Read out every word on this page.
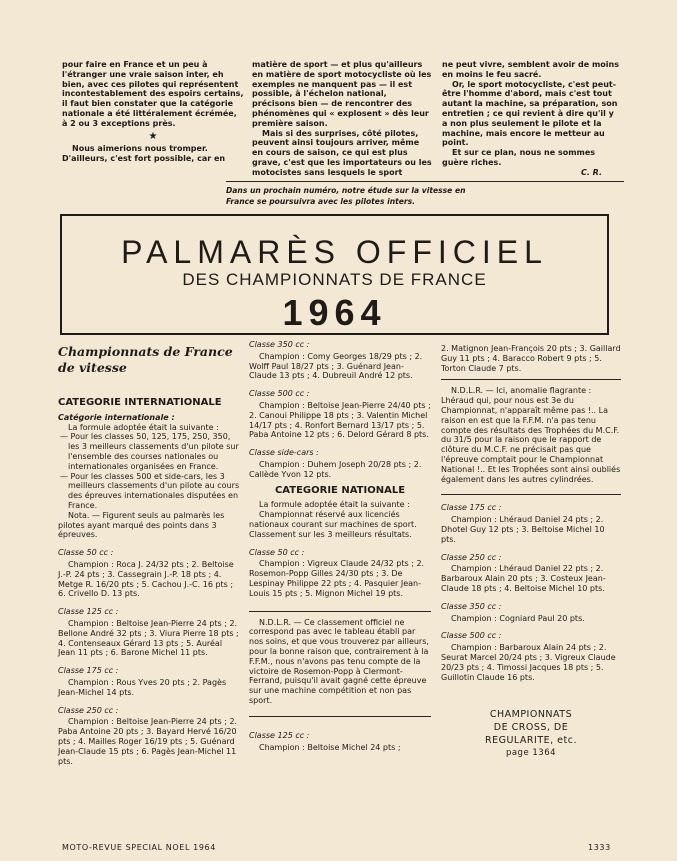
pour faire en France et un peu à l'étranger une vraie saison inter, eh bien, avec ces pilotes qui représentent incontestablement des espoirs certains, il faut bien constater que la catégorie nationale a été littéralement écrémée, à 2 ou 3 exceptions près.

★

Nous aimerions nous tromper.

D'ailleurs, c'est fort possible, car en

matière de sport — et plus qu'ailleurs en matière de sport motocycliste où les exemples ne manquent pas — il est possible, à l'échelon national, précisons bien — de rencontrer des phénomènes qui « explosent » dès leur première saison.

Mais si des surprises, côté pilotes, peuvent ainsi toujours arriver, même en cours de saison, ce qui est plus grave, c'est que les importateurs ou les motocistes sans lesquels le sport

ne peut vivre, semblent avoir de moins en moins le feu sacré.

Or, le sport motocycliste, c'est peut-être l'homme d'abord, mais c'est tout autant la machine, sa préparation, son entretien ; ce qui revient à dire qu'il y a non plus seulement le pilote et la machine, mais encore le metteur au point.

Et sur ce plan, nous ne sommes guère riches.

C. R.

Dans un prochain numéro, notre étude sur la vitesse en
France se poursuivra avec les pilotes inters.
PALMARÈS OFFICIEL
DES CHAMPIONNATS DE FRANCE
1964
Championnats de France
de vitesse
CATEGORIE INTERNATIONALE
Catégorie internationale :

La formule adoptée était la suivante :

— Pour les classes 50, 125, 175, 250, 350, les 3 meilleurs classements d'un pilote sur l'ensemble des courses nationales ou internationales organisées en France.

— Pour les classes 500 et side-cars, les 3 meilleurs classements d'un pilote au cours des épreuves internationales disputées en France.

Nota. — Figurent seuls au palmarès les pilotes ayant marqué des points dans 3 épreuves.

Classe 50 cc :

Champion : Roca J. 24/32 pts ; 2. Beltoise J.-P. 24 pts ; 3. Cassegrain J.-P. 18 pts ; 4. Metge R. 16/20 pts ; 5. Cachou J.-C. 16 pts ; 6. Crivello D. 13 pts.

Classe 125 cc :

Champion : Beltoise Jean-Pierre 24 pts ; 2. Bellone André 32 pts ; 3. Viura Pierre 18 pts ; 4. Contenseaux Gérard 13 pts ; 5. Auréal Jean 11 pts ; 6. Barone Michel 11 pts.

Classe 175 cc :

Champion : Rous Yves 20 pts ; 2. Pagès Jean-Michel 14 pts.

Classe 250 cc :

Champion : Beltoise Jean-Pierre 24 pts ; 2. Paba Antoine 20 pts ; 3. Bayard Hervé 16/20 pts ; 4. Mailles Roger 16/19 pts ; 5. Guénard Jean-Claude 15 pts ; 6. Pagès Jean-Michel 11 pts.

Classe 350 cc :

Champion : Comy Georges 18/29 pts ; 2. Wolff Paul 18/27 pts ; 3. Guénard Jean-Claude 13 pts ; 4. Dubreuil André 12 pts.

Classe 500 cc :

Champion : Beltoise Jean-Pierre 24/40 pts ; 2. Canoui Philippe 18 pts ; 3. Valentin Michel 14/17 pts ; 4. Ronfort Bernard 13/17 pts ; 5. Paba Antoine 12 pts ; 6. Delord Gérard 8 pts.

Classe side-cars :

Champion : Duhem Joseph 20/28 pts ; 2. Callède Yvon 12 pts.

CATEGORIE NATIONALE

La formule adoptée était la suivante :

Championnat réservé aux licenciés nationaux courant sur machines de sport. Classement sur les 3 meilleurs résultats.

Classe 50 cc :

Champion : Vigreux Claude 24/32 pts ; 2. Rosemon-Popp Gilles 24/30 pts ; 3. De Lespinay Philippe 22 pts ; 4. Pasquier Jean-Louis 15 pts ; 5. Mignon Michel 19 pts.

N.D.L.R. — Ce classement officiel ne correspond pas avec le tableau établi par nos soins, et que vous trouverez par ailleurs, pour la bonne raison que, contrairement à la F.F.M., nous n'avons pas tenu compte de la victoire de Rosemon-Popp à Clermont-Ferrand, puisqu'il avait gagné cette épreuve sur une machine compétition et non pas sport.

Classe 125 cc :

Champion : Beltoise Michel 24 pts ;

2. Matignon Jean-François 20 pts ; 3. Gaillard Guy 11 pts ; 4. Baracco Robert 9 pts ; 5. Torton Claude 7 pts.

N.D.L.R. — Ici, anomalie flagrante : Lhéraud qui, pour nous est 3e du Championnat, n'apparaît même pas !.. La raison en est que la F.F.M. n'a pas tenu compte des résultats des Trophées du M.C.F. du 31/5 pour la raison que le rapport de clôture du M.C.F. ne précisait pas que l'épreuve comptait pour le Championnat National !.. Et les Trophées sont ainsi oubliés également dans les autres cylindrées.

Classe 175 cc :

Champion : Lhéraud Daniel 24 pts ; 2. Dhotel Guy 12 pts ; 3. Beltoise Michel 10 pts.

Classe 250 cc :

Champion : Lhéraud Daniel 22 pts ; 2. Barbaroux Alain 20 pts ; 3. Costeux Jean-Claude 18 pts ; 4. Beltoise Michel 10 pts.

Classe 350 cc :

Champion : Cogniard Paul 20 pts.

Classe 500 cc :

Champion : Barbaroux Alain 24 pts ; 2. Seurat Marcel 20/24 pts ; 3. Vigreux Claude 20/23 pts ; 4. Timossi Jacques 18 pts ; 5. Guillotin Claude 16 pts.

CHAMPIONNATS
DE CROSS, DE
REGULARITE, etc.
page 1364
MOTO-REVUE SPECIAL NOEL 1964	1333
